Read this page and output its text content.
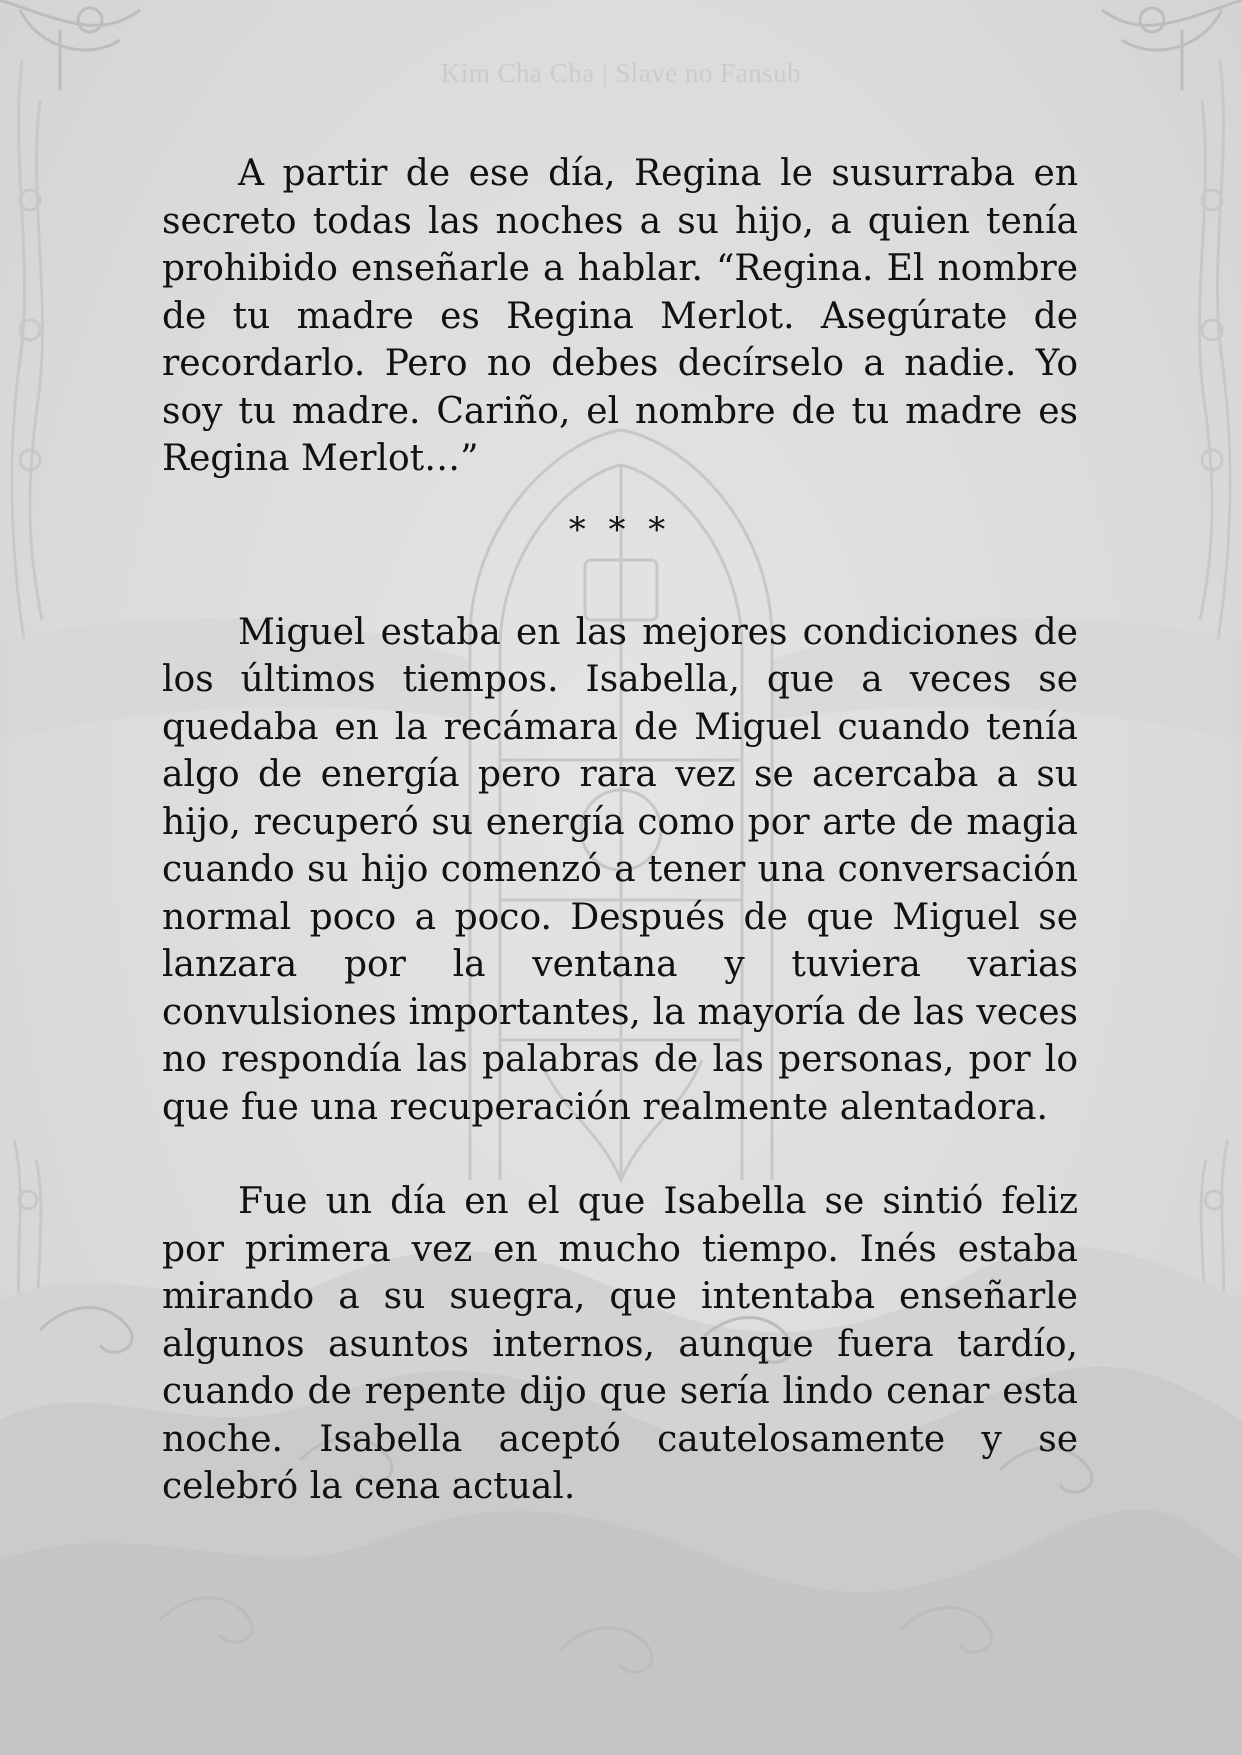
Kim Cha Cha | Slave no Fansub

A partir de ese día, Regina le susurraba en secreto todas las noches a su hijo, a quien tenía prohibido enseñarle a hablar. “Regina. El nombre de tu madre es Regina Merlot. Asegúrate de recordarlo. Pero no debes decírselo a nadie. Yo soy tu madre. Cariño, el nombre de tu madre es Regina Merlot…”

* * *

Miguel estaba en las mejores condiciones de los últimos tiempos. Isabella, que a veces se quedaba en la recámara de Miguel cuando tenía algo de energía pero rara vez se acercaba a su hijo, recuperó su energía como por arte de magia cuando su hijo comenzó a tener una conversación normal poco a poco. Después de que Miguel se lanzara por la ventana y tuviera varias convulsiones importantes, la mayoría de las veces no respondía las palabras de las personas, por lo que fue una recuperación realmente alentadora.

Fue un día en el que Isabella se sintió feliz por primera vez en mucho tiempo. Inés estaba mirando a su suegra, que intentaba enseñarle algunos asuntos internos, aunque fuera tardío, cuando de repente dijo que sería lindo cenar esta noche. Isabella aceptó cautelosamente y se celebró la cena actual.
